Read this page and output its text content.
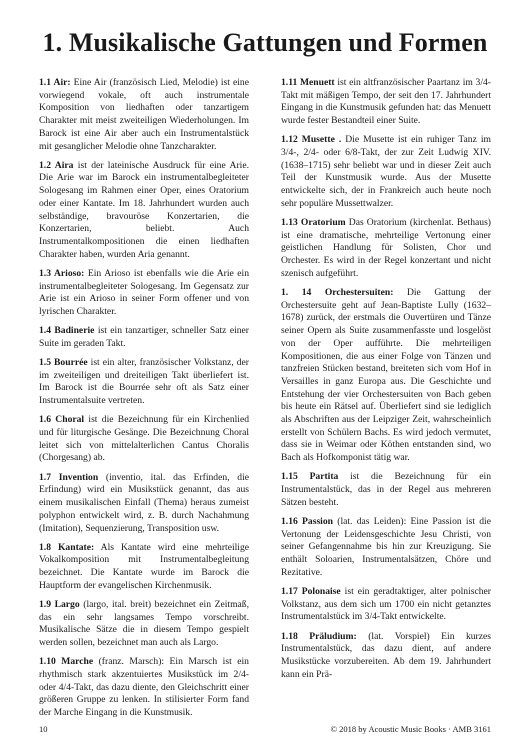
1. Musikalische Gattungen und Formen

1.1 Air: Eine Air (französisch Lied, Melodie) ist eine vorwiegend vokale, oft auch instrumentale Komposition von liedhaften oder tanzartigem Charakter mit meist zweiteiligen Wiederholungen. Im Barock ist eine Air aber auch ein Instrumentalstück mit gesanglicher Melodie ohne Tanzcharakter.

1.2 Aira ist der lateinische Ausdruck für eine Arie. Die Arie war im Barock ein instrumentalbegleiteter Sologesang im Rahmen einer Oper, eines Oratorium oder einer Kantate. Im 18. Jahrhundert wurden auch selbständige, bravouröse Konzertarien, die Konzertarien, beliebt. Auch Instrumentalkompositionen die einen liedhaften Charakter haben, wurden Aria genannt.

1.3 Arioso: Ein Arioso ist ebenfalls wie die Arie ein instrumentalbegleiteter Sologesang. Im Gegensatz zur Arie ist ein Arioso in seiner Form offener und von lyrischen Charakter.

1.4 Badinerie ist ein tanzartiger, schneller Satz einer Suite im geraden Takt.

1.5 Bourrée ist ein alter, französischer Volkstanz, der im zweiteiligen und dreiteiligen Takt überliefert ist. Im Barock ist die Bourrée sehr oft als Satz einer Instrumentalsuite vertreten.

1.6 Choral ist die Bezeichnung für ein Kirchenlied und für liturgische Gesänge. Die Bezeichnung Choral leitet sich von mittelalterlichen Cantus Choralis (Chorgesang) ab.

1.7 Invention (inventio, ital. das Erfinden, die Erfindung) wird ein Musikstück genannt, das aus einem musikalischen Einfall (Thema) heraus zumeist polyphon entwickelt wird, z. B. durch Nachahmung (Imitation), Sequenzierung, Transposition usw.

1.8 Kantate: Als Kantate wird eine mehrteilige Vokalkomposition mit Instrumentalbegleitung bezeichnet. Die Kantate wurde im Barock die Hauptform der evangelischen Kirchenmusik.

1.9 Largo (largo, ital. breit) bezeichnet ein Zeitmaß, das ein sehr langsames Tempo vorschreibt. Musikalische Sätze die in diesem Tempo gespielt werden sollen, bezeichnet man auch als Largo.

1.10 Marche (franz. Marsch): Ein Marsch ist ein rhythmisch stark akzentuiertes Musikstück im 2/4- oder 4/4-Takt, das dazu diente, den Gleichschritt einer größeren Gruppe zu lenken. In stilisierter Form fand der Marche Eingang in die Kunstmusik.

1.11 Menuett ist ein altfranzösischer Paartanz im 3/4-Takt mit mäßigen Tempo, der seit den 17. Jahrhundert Eingang in die Kunstmusik gefunden hat: das Menuett wurde fester Bestandteil einer Suite.

1.12 Musette . Die Musette ist ein ruhiger Tanz im 3/4-, 2/4- oder 6/8-Takt, der zur Zeit Ludwig XIV. (1638–1715) sehr beliebt war und in dieser Zeit auch Teil der Kunstmusik wurde. Aus der Musette entwickelte sich, der in Frankreich auch heute noch sehr populäre Mussettwalzer.

1.13 Oratorium Das Oratorium (kirchenlat. Bethaus) ist eine dramatische, mehrteilige Vertonung einer geistlichen Handlung für Solisten, Chor und Orchester. Es wird in der Regel konzertant und nicht szenisch aufgeführt.

1. 14 Orchestersuiten: Die Gattung der Orchestersuite geht auf Jean-Baptiste Lully (1632–1678) zurück, der erstmals die Ouvertüren und Tänze seiner Opern als Suite zusammenfasste und losgelöst von der Oper aufführte. Die mehrteiligen Kompositionen, die aus einer Folge von Tänzen und tanzfreien Stücken bestand, breiteten sich vom Hof in Versailles in ganz Europa aus. Die Geschichte und Entstehung der vier Orchestersuiten von Bach geben bis heute ein Rätsel auf. Überliefert sind sie lediglich als Abschriften aus der Leipziger Zeit, wahrscheinlich erstellt von Schülern Bachs. Es wird jedoch vermutet, dass sie in Weimar oder Köthen entstanden sind, wo Bach als Hofkomponist tätig war.

1.15 Partita ist die Bezeichnung für ein Instrumentalstück, das in der Regel aus mehreren Sätzen besteht.

1.16 Passion (lat. das Leiden): Eine Passion ist die Vertonung der Leidensgeschichte Jesu Christi, von seiner Gefangennahme bis hin zur Kreuzigung. Sie enthält Soloarien, Instrumentalsätzen, Chöre und Rezitative.

1.17 Polonaise ist ein geradtaktiger, alter polnischer Volkstanz, aus dem sich um 1700 ein nicht getanztes Instrumentalstück im 3/4-Takt entwickelte.

1.18 Präludium: (lat. Vorspiel) Ein kurzes Instrumentalstück, das dazu dient, auf andere Musikstücke vorzubereiten. Ab dem 19. Jahrhundert kann ein Prä-

10	© 2018 by Acoustic Music Books · AMB 3161
